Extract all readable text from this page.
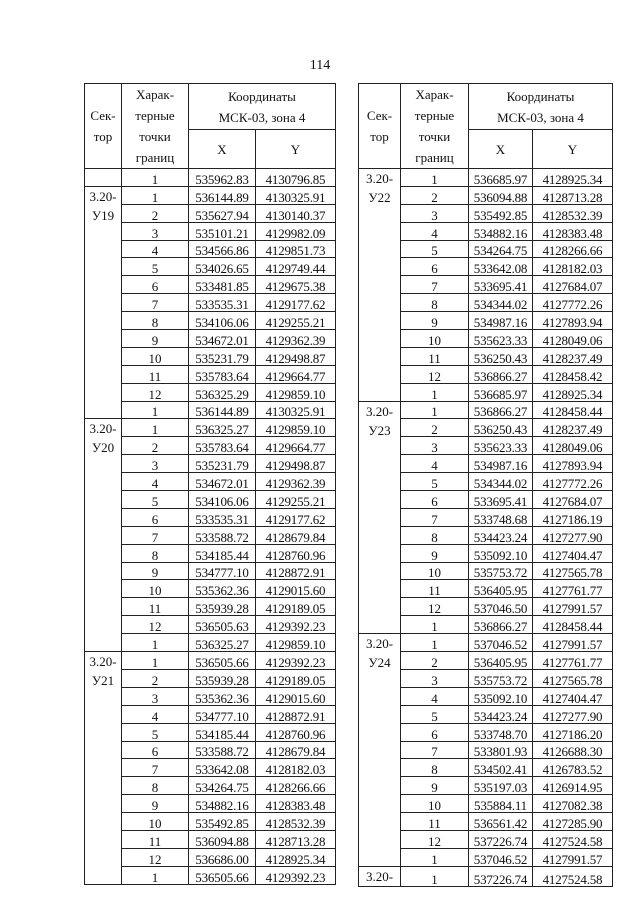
114
Сек-
тор	Харак-
терные
точки
границ	Координаты
МСК-03, зона 4	

		X	Y
	1	535962.83	4130796.85

3.20-
У19	1	536144.89	4130325.91
	2	535627.94	4130140.37
	3	535101.21	4129982.09
	4	534566.86	4129851.73
	5	534026.65	4129749.44
	6	533481.85	4129675.38
	7	533535.31	4129177.62
	8	534106.06	4129255.21
	9	534672.01	4129362.39
	10	535231.79	4129498.87
	11	535783.64	4129664.77
	12	536325.29	4129859.10
	1	536144.89	4130325.91

3.20-
У20	1	536325.27	4129859.10
	2	535783.64	4129664.77
	3	535231.79	4129498.87
	4	534672.01	4129362.39
	5	534106.06	4129255.21
	6	533535.31	4129177.62
	7	533588.72	4128679.84
	8	534185.44	4128760.96
	9	534777.10	4128872.91
	10	535362.36	4129015.60
	11	535939.28	4129189.05
	12	536505.63	4129392.23
	1	536325.27	4129859.10

3.20-
У21	1	536505.66	4129392.23
	2	535939.28	4129189.05
	3	535362.36	4129015.60
	4	534777.10	4128872.91
	5	534185.44	4128760.96
	6	533588.72	4128679.84
	7	533642.08	4128182.03
	8	534264.75	4128266.66
	9	534882.16	4128383.48
	10	535492.85	4128532.39
	11	536094.88	4128713.28
	12	536686.00	4128925.34
	1	536505.66	4129392.23
Сек-
тор	Харак-
терные
точки
границ	Координаты
МСК-03, зона 4	

		X	Y

3.20-
У22	1	536685.97	4128925.34
	2	536094.88	4128713.28
	3	535492.85	4128532.39
	4	534882.16	4128383.48
	5	534264.75	4128266.66
	6	533642.08	4128182.03
	7	533695.41	4127684.07
	8	534344.02	4127772.26
	9	534987.16	4127893.94
	10	535623.33	4128049.06
	11	536250.43	4128237.49
	12	536866.27	4128458.42
	1	536685.97	4128925.34

3.20-
У23	1	536866.27	4128458.44
	2	536250.43	4128237.49
	3	535623.33	4128049.06
	4	534987.16	4127893.94
	5	534344.02	4127772.26
	6	533695.41	4127684.07
	7	533748.68	4127186.19
	8	534423.24	4127277.90
	9	535092.10	4127404.47
	10	535753.72	4127565.78
	11	536405.95	4127761.77
	12	537046.50	4127991.57
	1	536866.27	4128458.44

3.20-
У24	1	537046.52	4127991.57
	2	536405.95	4127761.77
	3	535753.72	4127565.78
	4	535092.10	4127404.47
	5	534423.24	4127277.90
	6	533748.70	4127186.20
	7	533801.93	4126688.30
	8	534502.41	4126783.52
	9	535197.03	4126914.95
	10	535884.11	4127082.38
	11	536561.42	4127285.90
	12	537226.74	4127524.58
	1	537046.52	4127991.57

3.20-	1	537226.74	4127524.58
